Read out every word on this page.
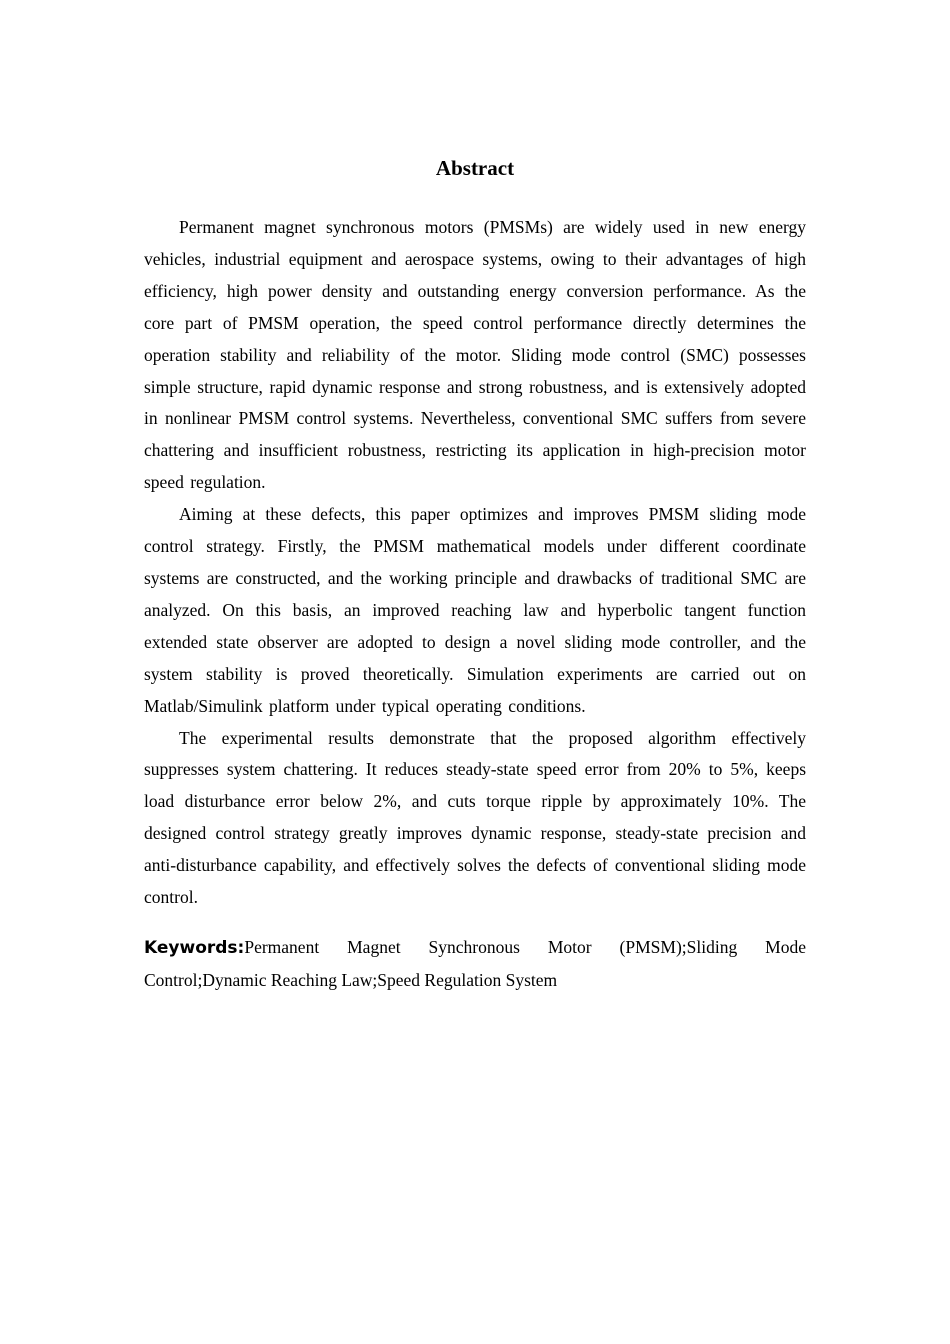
Abstract

Permanent magnet synchronous motors (PMSMs) are widely used in new energy vehicles, industrial equipment and aerospace systems, owing to their advantages of high efficiency, high power density and outstanding energy conversion performance. As the core part of PMSM operation, the speed control performance directly determines the operation stability and reliability of the motor. Sliding mode control (SMC) possesses simple structure, rapid dynamic response and strong robustness, and is extensively adopted in nonlinear PMSM control systems. Nevertheless, conventional SMC suffers from severe chattering and insufficient robustness, restricting its application in high-precision motor speed regulation.

Aiming at these defects, this paper optimizes and improves PMSM sliding mode control strategy. Firstly, the PMSM mathematical models under different coordinate systems are constructed, and the working principle and drawbacks of traditional SMC are analyzed. On this basis, an improved reaching law and hyperbolic tangent function extended state observer are adopted to design a novel sliding mode controller, and the system stability is proved theoretically. Simulation experiments are carried out on Matlab/Simulink platform under typical operating conditions.

The experimental results demonstrate that the proposed algorithm effectively suppresses system chattering. It reduces steady-state speed error from 20% to 5%, keeps load disturbance error below 2%, and cuts torque ripple by approximately 10%. The designed control strategy greatly improves dynamic response, steady-state precision and anti-disturbance capability, and effectively solves the defects of conventional sliding mode control.

Keywords:Permanent Magnet Synchronous Motor (PMSM);Sliding Mode Control;Dynamic Reaching Law;Speed Regulation System
